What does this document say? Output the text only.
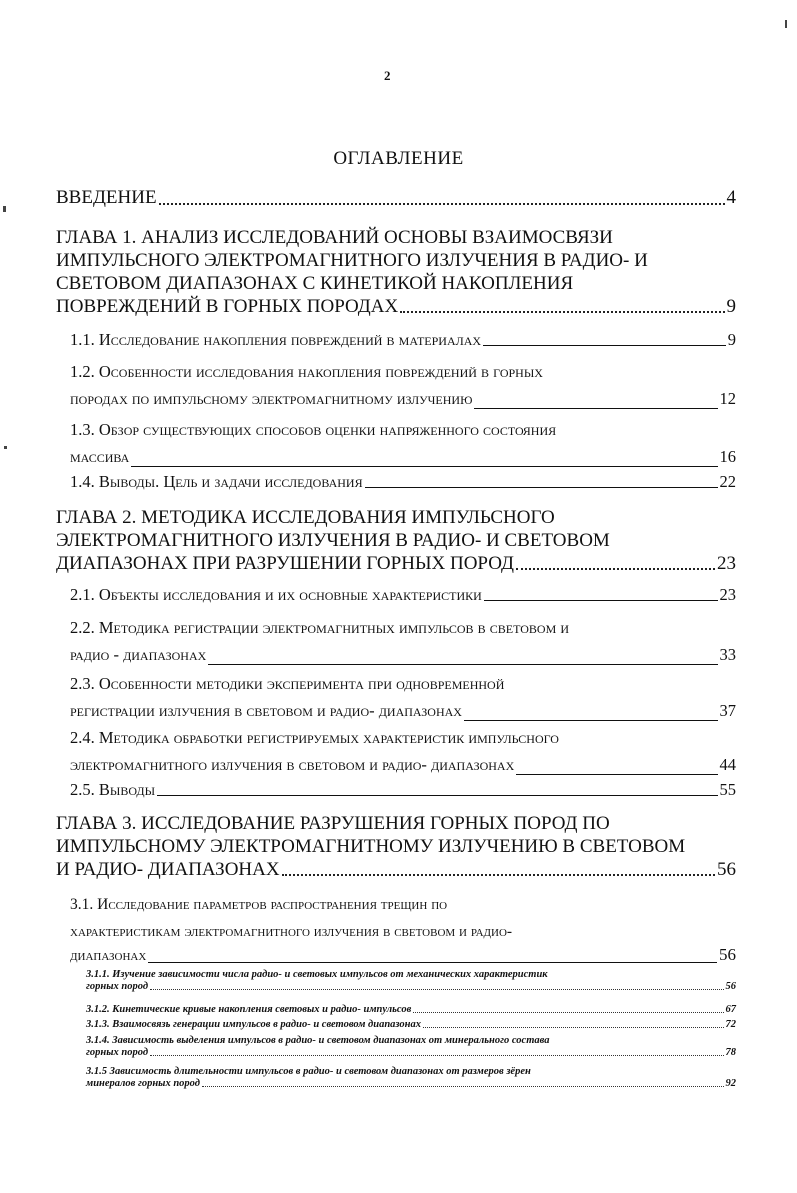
2
ОГЛАВЛЕНИЕ
ВВЕДЕНИЕ	4
ГЛАВА 1. АНАЛИЗ ИССЛЕДОВАНИЙ ОСНОВЫ ВЗАИМОСВЯЗИ
ИМПУЛЬСНОГО ЭЛЕКТРОМАГНИТНОГО ИЗЛУЧЕНИЯ В РАДИО- И
СВЕТОВОМ ДИАПАЗОНАХ С КИНЕТИКОЙ НАКОПЛЕНИЯ
ПОВРЕЖДЕНИЙ В ГОРНЫХ ПОРОДАХ	9
1.1. Исследование накопления повреждений в материалах	9
1.2. Особенности исследования накопления повреждений в горных
породах по импульсному электромагнитному излучению	12
1.3. Обзор существующих способов оценки напряженного состояния
массива	16
1.4. Выводы. Цель и задачи исследования	22
ГЛАВА 2. МЕТОДИКА ИССЛЕДОВАНИЯ ИМПУЛЬСНОГО
ЭЛЕКТРОМАГНИТНОГО ИЗЛУЧЕНИЯ В РАДИО- И СВЕТОВОМ
ДИАПАЗОНАХ ПРИ РАЗРУШЕНИИ ГОРНЫХ ПОРОД	23
2.1. Объекты исследования и их основные характеристики	23
2.2. Методика регистрации электромагнитных импульсов в световом и
радио - диапазонах	33
2.3. Особенности методики эксперимента при одновременной
регистрации излучения в световом и радио- диапазонах	37
2.4. Методика обработки регистрируемых характеристик импульсного
электромагнитного излучения в световом и радио- диапазонах	44
2.5. Выводы	55
ГЛАВА 3. ИССЛЕДОВАНИЕ РАЗРУШЕНИЯ ГОРНЫХ ПОРОД ПО
ИМПУЛЬСНОМУ ЭЛЕКТРОМАГНИТНОМУ ИЗЛУЧЕНИЮ В СВЕТОВОМ
И РАДИО- ДИАПАЗОНАХ	56
3.1. Исследование параметров распространения трещин по
характеристикам электромагнитного излучения в световом и радио-
диапазонах	56
3.1.1. Изучение зависимости числа радио- и световых импульсов от механических характеристик
горных пород	56
3.1.2. Кинетические кривые накопления световых и радио- импульсов	67
3.1.3. Взаимосвязь генерации импульсов в радио- и световом диапазонах	72
3.1.4. Зависимость выделения импульсов в радио- и световом диапазонах от минерального состава
горных пород	78
3.1.5 Зависимость длительности импульсов в радио- и световом диапазонах от размеров зёрен
минералов горных пород	92
